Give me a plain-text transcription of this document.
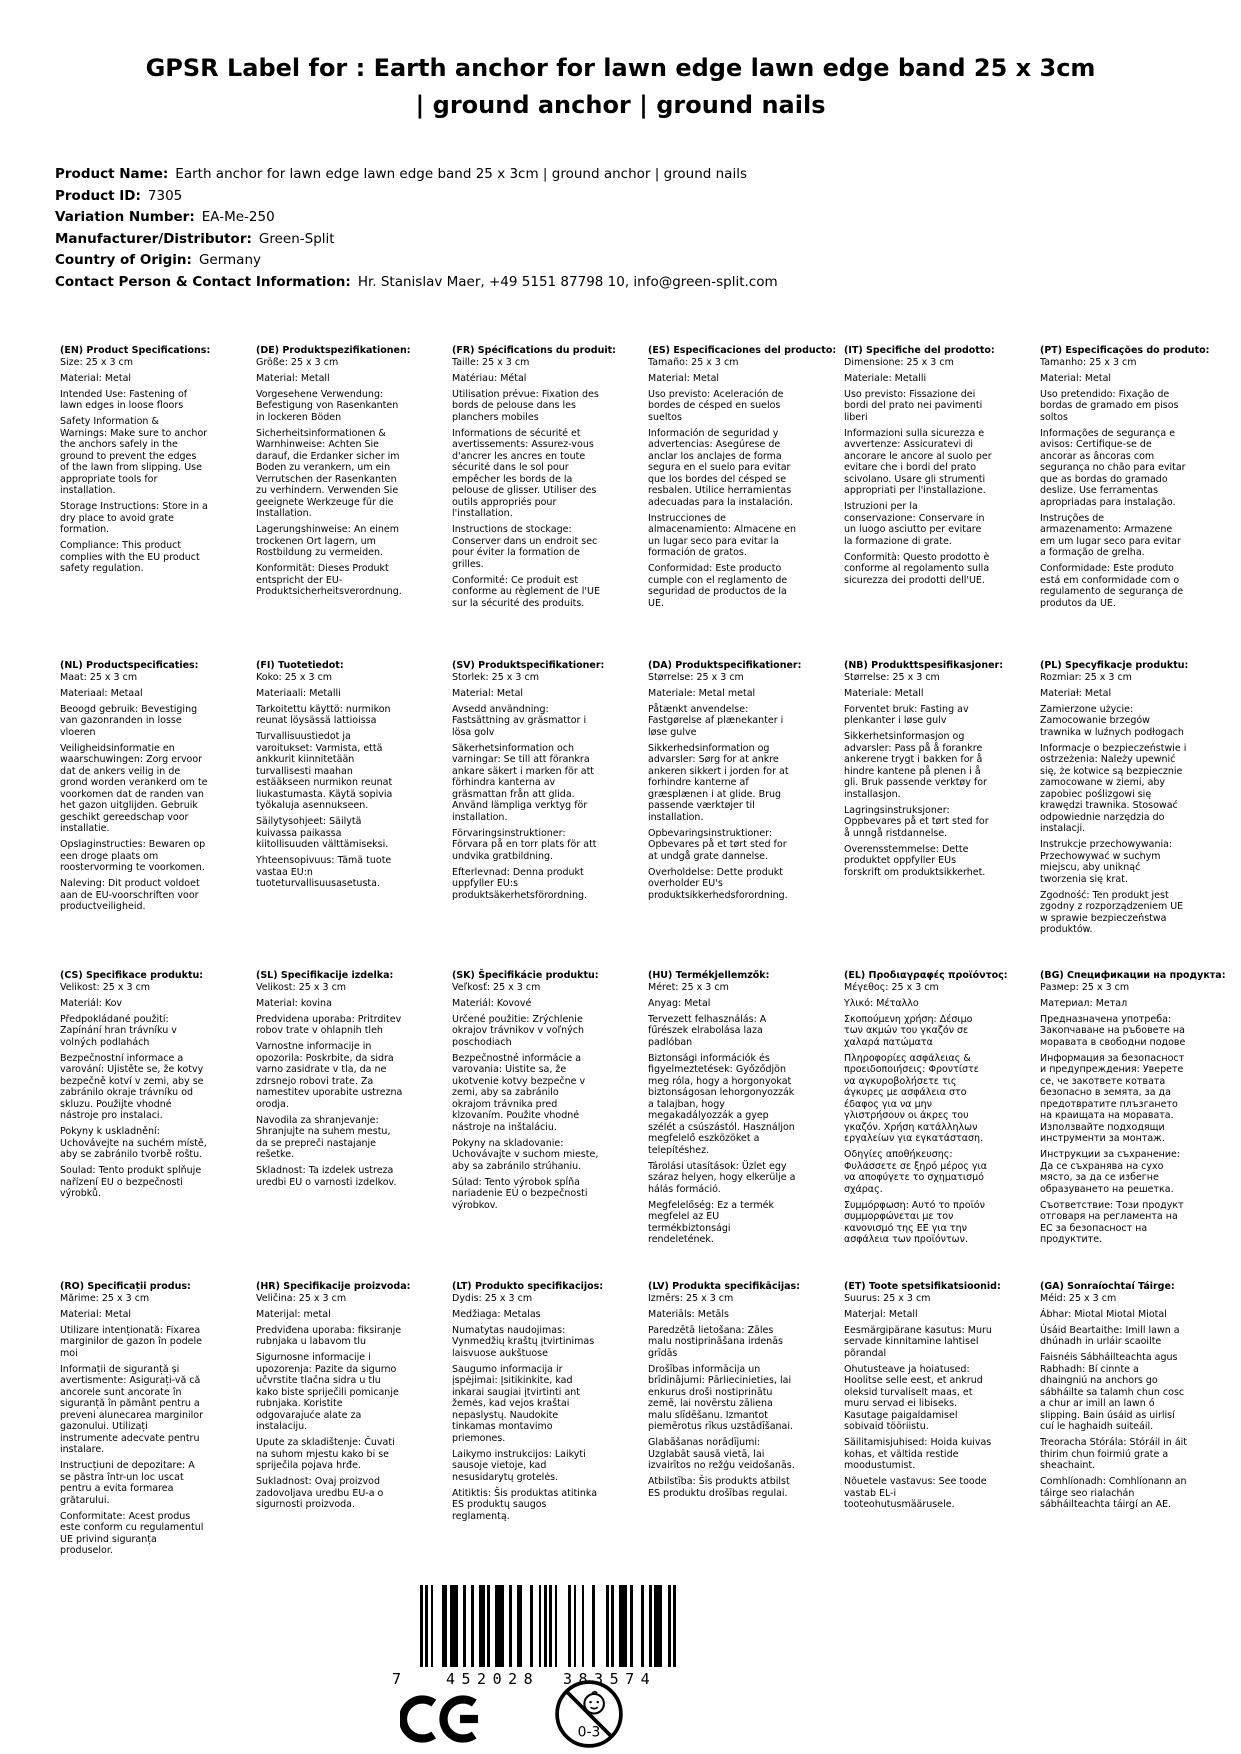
GPSR Label for : Earth anchor for lawn edge lawn edge band 25 x 3cm
| ground anchor | ground nails
Product Name: Earth anchor for lawn edge lawn edge band 25 x 3cm | ground anchor | ground nails
Product ID: 7305
Variation Number: EA-Me-250
Manufacturer/Distributor: Green-Split
Country of Origin: Germany
Contact Person & Contact Information: Hr. Stanislav Maer, +49 5151 87798 10, info@green-split.com
(EN) Product Specifications:

Size: 25 x 3 cm

Material: Metal

Intended Use: Fastening of lawn edges in loose floors

Safety Information & Warnings: Make sure to anchor the anchors safely in the ground to prevent the edges of the lawn from slipping. Use appropriate tools for installation.

Storage Instructions: Store in a dry place to avoid grate formation.

Compliance: This product complies with the EU product safety regulation.

(DE) Produktspezifikationen:

Größe: 25 x 3 cm

Material: Metall

Vorgesehene Verwendung: Befestigung von Rasenkanten in lockeren Böden

Sicherheitsinformationen & Warnhinweise: Achten Sie darauf, die Erdanker sicher im Boden zu verankern, um ein Verrutschen der Rasenkanten zu verhindern. Verwenden Sie geeignete Werkzeuge für die Installation.

Lagerungshinweise: An einem trockenen Ort lagern, um Rostbildung zu vermeiden.

Konformität: Dieses Produkt entspricht der EU-Produktsicherheitsverordnung.

(FR) Spécifications du produit:

Taille: 25 x 3 cm

Matériau: Métal

Utilisation prévue: Fixation des bords de pelouse dans les planchers mobiles

Informations de sécurité et avertissements: Assurez-vous d'ancrer les ancres en toute sécurité dans le sol pour empêcher les bords de la pelouse de glisser. Utiliser des outils appropriés pour l'installation.

Instructions de stockage: Conserver dans un endroit sec pour éviter la formation de grilles.

Conformité: Ce produit est conforme au règlement de l'UE sur la sécurité des produits.

(ES) Especificaciones del producto:

Tamaño: 25 x 3 cm

Material: Metal

Uso previsto: Aceleración de bordes de césped en suelos sueltos

Información de seguridad y advertencias: Asegúrese de anclar los anclajes de forma segura en el suelo para evitar que los bordes del césped se resbalen. Utilice herramientas adecuadas para la instalación.

Instrucciones de almacenamiento: Almacene en un lugar seco para evitar la formación de gratos.

Conformidad: Este producto cumple con el reglamento de seguridad de productos de la UE.

(IT) Specifiche del prodotto:

Dimensione: 25 x 3 cm

Materiale: Metalli

Uso previsto: Fissazione dei bordi del prato nei pavimenti liberi

Informazioni sulla sicurezza e avvertenze: Assicuratevi di ancorare le ancore al suolo per evitare che i bordi del prato scivolano. Usare gli strumenti appropriati per l'installazione.

Istruzioni per la conservazione: Conservare in un luogo asciutto per evitare la formazione di grate.

Conformità: Questo prodotto è conforme al regolamento sulla sicurezza dei prodotti dell'UE.

(PT) Especificações do produto:

Tamanho: 25 x 3 cm

Material: Metal

Uso pretendido: Fixação de bordas de gramado em pisos soltos

Informações de segurança e avisos: Certifique-se de ancorar as âncoras com segurança no chão para evitar que as bordas do gramado deslize. Use ferramentas apropriadas para instalação.

Instruções de armazenamento: Armazene em um lugar seco para evitar a formação de grelha.

Conformidade: Este produto está em conformidade com o regulamento de segurança de produtos da UE.

(NL) Productspecificaties:

Maat: 25 x 3 cm

Materiaal: Metaal

Beoogd gebruik: Bevestiging van gazonranden in losse vloeren

Veiligheidsinformatie en waarschuwingen: Zorg ervoor dat de ankers veilig in de grond worden verankerd om te voorkomen dat de randen van het gazon uitglijden. Gebruik geschikt gereedschap voor installatie.

Opslaginstructies: Bewaren op een droge plaats om roostervorming te voorkomen.

Naleving: Dit product voldoet aan de EU-voorschriften voor productveiligheid.

(FI) Tuotetiedot:

Koko: 25 x 3 cm

Materiaali: Metalli

Tarkoitettu käyttö: nurmikon reunat löysässä lattioissa

Turvallisuustiedot ja varoitukset: Varmista, että ankkurit kiinnitetään turvallisesti maahan estääkseen nurmikon reunat liukastumasta. Käytä sopivia työkaluja asennukseen.

Säilytysohjeet: Säilytä kuivassa paikassa kiitollisuuden välttämiseksi.

Yhteensopivuus: Tämä tuote vastaa EU:n tuoteturvallisuusasetusta.

(SV) Produktspecifikationer:

Storlek: 25 x 3 cm

Material: Metal

Avsedd användning: Fastsättning av gräsmattor i lösa golv

Säkerhetsinformation och varningar: Se till att förankra ankare säkert i marken för att förhindra kanterna av gräsmattan från att glida. Använd lämpliga verktyg för installation.

Förvaringsinstruktioner: Förvara på en torr plats för att undvika gratbildning.

Efterlevnad: Denna produkt uppfyller EU:s produktsäkerhetsförordning.

(DA) Produktspecifikationer:

Størrelse: 25 x 3 cm

Materiale: Metal metal

Påtænkt anvendelse: Fastgørelse af plænekanter i løse gulve

Sikkerhedsinformation og advarsler: Sørg for at ankre ankeren sikkert i jorden for at forhindre kanterne af græsplænen i at glide. Brug passende værktøjer til installation.

Opbevaringsinstruktioner: Opbevares på et tørt sted for at undgå grate dannelse.

Overholdelse: Dette produkt overholder EU's produktsikkerhedsforordning.

(NB) Produkttspesifikasjoner:

Størrelse: 25 x 3 cm

Materiale: Metall

Forventet bruk: Fasting av plenkanter i løse gulv

Sikkerhetsinformasjon og advarsler: Pass på å forankre ankerene trygt i bakken for å hindre kantene på plenen i å gli. Bruk passende verktøy for installasjon.

Lagringsinstruksjoner: Oppbevares på et tørt sted for å unngå ristdannelse.

Overensstemmelse: Dette produktet oppfyller EUs forskrift om produktsikkerhet.

(PL) Specyfikacje produktu:

Rozmiar: 25 x 3 cm

Materiał: Metal

Zamierzone użycie: Zamocowanie brzegów trawnika w luźnych podłogach

Informacje o bezpieczeństwie i ostrzeżenia: Należy upewnić się, że kotwice są bezpiecznie zamocowane w ziemi, aby zapobiec poślizgowi się krawędzi trawnika. Stosować odpowiednie narzędzia do instalacji.

Instrukcje przechowywania: Przechowywać w suchym miejscu, aby uniknąć tworzenia się krat.

Zgodność: Ten produkt jest zgodny z rozporządzeniem UE w sprawie bezpieczeństwa produktów.

(CS) Specifikace produktu:

Velikost: 25 x 3 cm

Materiál: Kov

Předpokládané použití: Zapínání hran trávníku v volných podlahách

Bezpečnostní informace a varování: Ujistěte se, že kotvy bezpečně kotví v zemi, aby se zabránilo okraje trávníku od skluzu. Použijte vhodné nástroje pro instalaci.

Pokyny k uskladnění: Uchovávejte na suchém místě, aby se zabránilo tvorbě roštu.

Soulad: Tento produkt splňuje nařízení EU o bezpečnosti výrobků.

(SL) Specifikacije izdelka:

Velikost: 25 x 3 cm

Material: kovina

Predvidena uporaba: Pritrditev robov trate v ohlapnih tleh

Varnostne informacije in opozorila: Poskrbite, da sidra varno zasidrate v tla, da ne zdrsnejo robovi trate. Za namestitev uporabite ustrezna orodja.

Navodila za shranjevanje: Shranjujte na suhem mestu, da se prepreči nastajanje rešetke.

Skladnost: Ta izdelek ustreza uredbi EU o varnosti izdelkov.

(SK) Špecifikácie produktu:

Veľkosť: 25 x 3 cm

Materiál: Kovové

Určené použitie: Zrýchlenie okrajov trávnikov v voľných poschodiach

Bezpečnostné informácie a varovania: Uistite sa, že ukotvenie kotvy bezpečne v zemi, aby sa zabránilo okrajom trávnika pred klzovaním. Použite vhodné nástroje na inštaláciu.

Pokyny na skladovanie: Uchovávajte v suchom mieste, aby sa zabránilo strúhaniu.

Súlad: Tento výrobok spĺňa nariadenie EÚ o bezpečnosti výrobkov.

(HU) Termékjellemzők:

Méret: 25 x 3 cm

Anyag: Metal

Tervezett felhasználás: A fűrészek elrabolása laza padlóban

Biztonsági információk és figyelmeztetések: Győződjön meg róla, hogy a horgonyokat biztonságosan lehorgonyozzák a talajban, hogy megakadályozzák a gyep szélét a csúszástól. Használjon megfelelő eszközöket a telepítéshez.

Tárolási utasítások: Üzlet egy száraz helyen, hogy elkerülje a hálás formáció.

Megfelelőség: Ez a termék megfelel az EU termékbiztonsági rendeletének.

(EL) Προδιαγραφές προϊόντος:

Μέγεθος: 25 x 3 cm

Υλικό: Μέταλλο

Σκοπούμενη χρήση: Δέσιμο των ακμών του γκαζόν σε χαλαρά πατώματα

Πληροφορίες ασφάλειας & προειδοποιήσεις: Φροντίστε να αγκυροβολήσετε τις άγκυρες με ασφάλεια στο έδαφος για να μην γλιστρήσουν οι άκρες του γκαζόν. Χρήση κατάλληλων εργαλείων για εγκατάσταση.

Οδηγίες αποθήκευσης: Φυλάσσετε σε ξηρό μέρος για να αποφύγετε το σχηματισμό σχάρας.

Συμμόρφωση: Αυτό το προϊόν συμμορφώνεται με τον κανονισμό της ΕΕ για την ασφάλεια των προϊόντων.

(BG) Спецификации на продукта:

Размер: 25 x 3 cm

Материал: Метал

Предназначена употреба: Закопчаване на ръбовете на моравата в свободни подове

Информация за безопасност и предупреждения: Уверете се, че закответе котвата безопасно в земята, за да предотвратите плъзгането на краищата на моравата. Използвайте подходящи инструменти за монтаж.

Инструкции за съхранение: Да се съхранява на сухо място, за да се избегне образуването на решетка.

Съответствие: Този продукт отговаря на регламента на ЕС за безопасност на продуктите.

(RO) Specificații produs:

Mărime: 25 x 3 cm

Material: Metal

Utilizare intenționată: Fixarea marginilor de gazon în podele moi

Informații de siguranță și avertismente: Asigurați-vă că ancorele sunt ancorate în siguranță în pământ pentru a preveni alunecarea marginilor gazonului. Utilizați instrumente adecvate pentru instalare.

Instrucțiuni de depozitare: A se păstra într-un loc uscat pentru a evita formarea grătarului.

Conformitate: Acest produs este conform cu regulamentul UE privind siguranța produselor.

(HR) Specifikacije proizvoda:

Veličina: 25 x 3 cm

Materijal: metal

Predviđena uporaba: fiksiranje rubnjaka u labavom tlu

Sigurnosne informacije i upozorenja: Pazite da sigurno učvrstite tlačna sidra u tlu kako biste spriječili pomicanje rubnjaka. Koristite odgovarajuće alate za instalaciju.

Upute za skladištenje: Čuvati na suhom mjestu kako bi se spriječila pojava hrđe.

Sukladnost: Ovaj proizvod zadovoljava uredbu EU-a o sigurnosti proizvoda.

(LT) Produkto specifikacijos:

Dydis: 25 x 3 cm

Medžiaga: Metalas

Numatytas naudojimas: Vynmedžių kraštų įtvirtinimas laisvuose aukštuose

Saugumo informacija ir įspėjimai: Įsitikinkite, kad inkarai saugiai įtvirtinti ant žemės, kad vejos kraštai nepaslystų. Naudokite tinkamas montavimo priemones.

Laikymo instrukcijos: Laikyti sausoje vietoje, kad nesusidarytų grotelės.

Atitiktis: Šis produktas atitinka ES produktų saugos reglamentą.

(LV) Produkta specifikācijas:

Izmērs: 25 x 3 cm

Materiāls: Metāls

Paredzētā lietošana: Zāles malu nostiprināšana irdenās grīdās

Drošības informācija un brīdinājumi: Pārliecinieties, lai enkurus droši nostiprinātu zemē, lai novērstu zāliena malu slīdēšanu. Izmantot piemērotus rīkus uzstādīšanai.

Glabāšanas norādījumi: Uzglabāt sausā vietā, lai izvairītos no režģu veidošanās.

Atbilstība: Šis produkts atbilst ES produktu drošības regulai.

(ET) Toote spetsifikatsioonid:

Suurus: 25 x 3 cm

Materjal: Metall

Eesmärgipärane kasutus: Muru servade kinnitamine lahtisel põrandal

Ohutusteave ja hoiatused: Hoolitse selle eest, et ankrud oleksid turvaliselt maas, et muru servad ei libiseks. Kasutage paigaldamisel sobivaid tööriistu.

Säilitamisjuhised: Hoida kuivas kohas, et vältida restide moodustumist.

Nõuetele vastavus: See toode vastab EL-i tooteohutusmäärusele.

(GA) Sonraíochtaí Táirge:

Méid: 25 x 3 cm

Ábhar: Miotal Miotal Miotal

Úsáid Beartaithe: Imill lawn a dhúnadh in urláir scaoilte

Faisnéis Sábháilteachta agus Rabhadh: Bí cinnte a dhaingniú na anchors go sábháilte sa talamh chun cosc a chur ar imill an lawn ó slipping. Bain úsáid as uirlisí cuí le haghaidh suiteáil.

Treoracha Stórála: Stóráil in áit thirim chun foirmiú grate a sheachaint.

Comhlíonadh: Comhlíonann an táirge seo rialachán sábháilteachta táirgí an AE.

7	452028 383574
0-3
